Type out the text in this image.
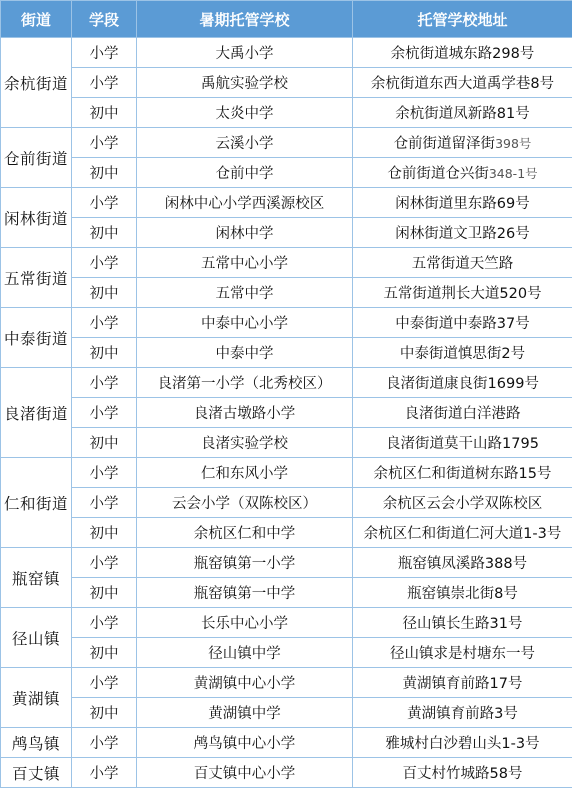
街道	学段	暑期托管学校	托管学校地址
余杭街道	小学	大禹小学	余杭街道城东路298号
	小学	禹航实验学校	余杭街道东西大道禹学巷8号
	初中	太炎中学	余杭街道凤新路81号
仓前街道	小学	云溪小学	仓前街道留泽街398号
	初中	仓前中学	仓前街道仓兴街348-1号
闲林街道	小学	闲林中心小学西溪源校区	闲林街道里东路69号
	初中	闲林中学	闲林街道文卫路26号
五常街道	小学	五常中心小学	五常街道天竺路
	初中	五常中学	五常街道荆长大道520号
中泰街道	小学	中泰中心小学	中泰街道中泰路37号
	初中	中泰中学	中泰街道慎思街2号
良渚街道	小学	良渚第一小学（北秀校区）	良渚街道康良街1699号
	小学	良渚古墩路小学	良渚街道白洋港路
	初中	良渚实验学校	良渚街道莫干山路1795
仁和街道	小学	仁和东风小学	余杭区仁和街道树东路15号
	小学	云会小学（双陈校区）	余杭区云会小学双陈校区
	初中	余杭区仁和中学	余杭区仁和街道仁河大道1-3号
瓶窑镇	小学	瓶窑镇第一小学	瓶窑镇凤溪路388号
	初中	瓶窑镇第一中学	瓶窑镇崇北街8号
径山镇	小学	长乐中心小学	径山镇长生路31号
	初中	径山镇中学	径山镇求是村塘东一号
黄湖镇	小学	黄湖镇中心小学	黄湖镇育前路17号
	初中	黄湖镇中学	黄湖镇育前路3号
鸬鸟镇	小学	鸬鸟镇中心小学	雅城村白沙碧山头1-3号
百丈镇	小学	百丈镇中心小学	百丈村竹城路58号
